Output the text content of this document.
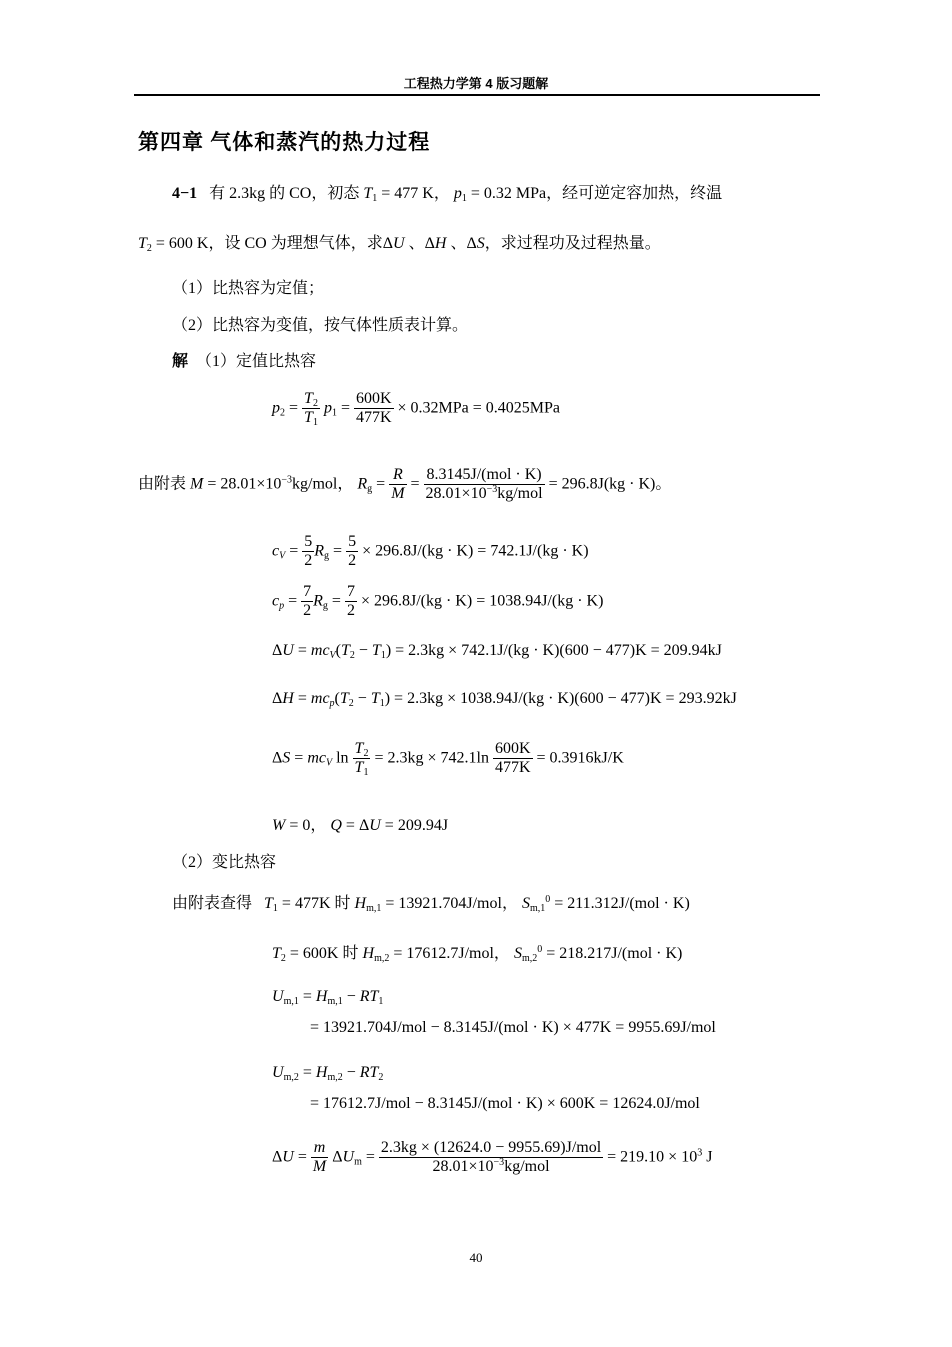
工程热力学第 4 版习题解
第四章 气体和蒸汽的热力过程
4−1 有 2.3kg 的 CO，初态 $T_1 = 477$ K， $p_1 = 0.32$ MPa，经可逆定容加热，终温
$T_2 = 600$ K，设 CO 为理想气体，求ΔU 、ΔH 、ΔS，求过程功及过程热量。
（1）比热容为定值；
（2）比热容为变值，按气体性质表计算。
解 （1）定值比热容
$p_2 = \frac{T_2}{T_1} p_1 = \frac{600K}{477K} \times 0.32MPa = 0.4025MPa$
由附表 $M = 28.01\times 10^{-3}kg$/mol， $R_g = \frac{R}{M} = \frac{\text{8.3145J/(mol · K)}}{28.01\times 10^{-3}kg/mol} = 296.8J(kg \cdot K)$。
$c_V = \frac{5}{2} R_g = \frac{5}{2} \times 296.8J/(kg \cdot K) = 742.1J/(kg \cdot K)$
$c_p = \frac{7}{2} R_g = \frac{7}{2} \times 296.8J/(kg \cdot K) = 1038.94J/(kg \cdot K)$
$\Delta U = mc_V(T_2 - T_1) = 2.3kg \times 742.1J/(kg \cdot K)(600 - 477)K = 209.94kJ$
$\Delta H = mc_p(T_2 - T_1) = 2.3kg \times 1038.94J/(kg \cdot K)(600 - 477)K = 293.92kJ$
$\Delta S = mc_V$ $\ln \frac{T_2}{T_1} = 2.3kg \times 742.1\ln \frac{600K}{477K} = 0.3916kJ/K$
W = 0， Q = ΔU = 209.94J
（2）变比热容
由附表查得 $T_1 = 477K$ 时 $H_{m,1} = 13921.704J/mol$， $S_{m,1}^0 = 211.312J/(mol \cdot K)$
$T_2 = 600K$ 时 $H_{m,2} = 17612.7J/mol$， $S_{m,2}^0 = 218.217J/(mol \cdot K)$
$U_{m,1} = H_{m,1} - RT_1$
= 13921.704J/mol − 8.3145J/(mol · K) × 477K = 9955.69J/mol
$U_{m,2} = H_{m,2} - RT_2$
= 17612.7J/mol − 8.3145J/(mol · K) × 600K = 12624.0J/mol
$\Delta U = \frac{m}{M} \Delta U_m = \frac{\text{2.3kg × (12624.0 − 9955.69)J/mol}}{28.01\times 10^{-3}kg/mol} = 219.10 \times 10^3$ J
40
